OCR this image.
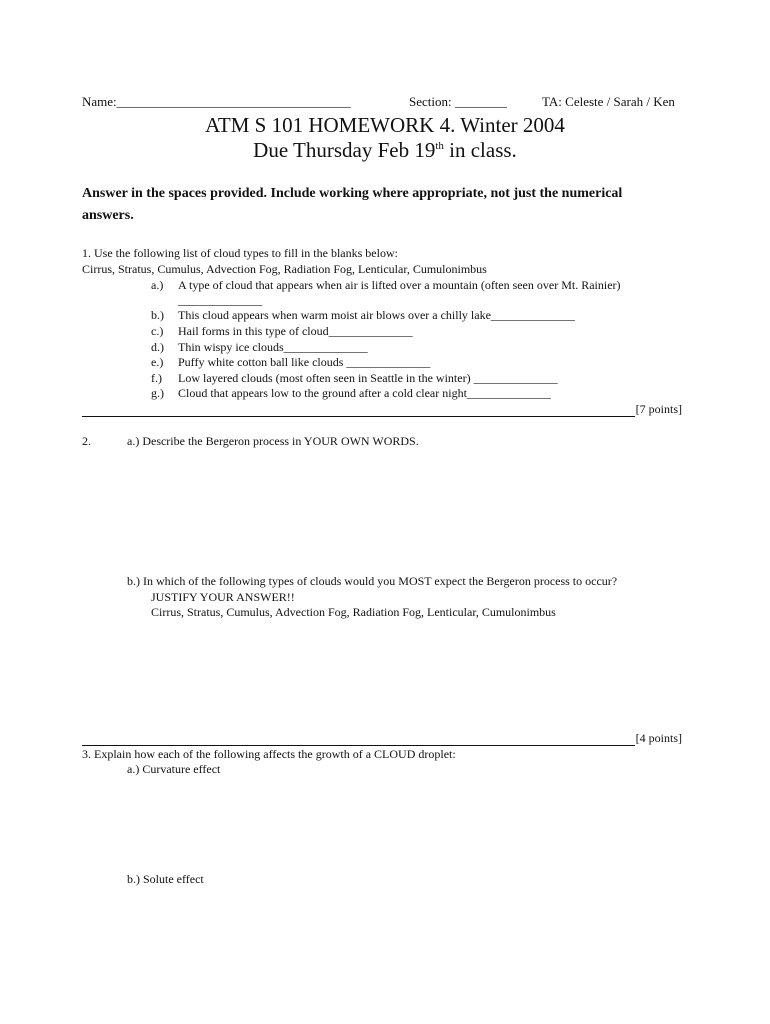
Name:____________________________________	Section: ________	TA: Celeste / Sarah / Ken
ATM S 101 HOMEWORK 4. Winter 2004
Due Thursday Feb 19th in class.
Answer in the spaces provided. Include working where appropriate, not just the numerical
answers.
1. Use the following list of cloud types to fill in the blanks below:
Cirrus, Stratus, Cumulus, Advection Fog, Radiation Fog, Lenticular, Cumulonimbus
a.) A type of cloud that appears when air is lifted over a mountain (often seen over Mt. Rainier)
______________
b.) This cloud appears when warm moist air blows over a chilly lake______________
c.) Hail forms in this type of cloud______________
d.) Thin wispy ice clouds______________
e.) Puffy white cotton ball like clouds ______________
f.) Low layered clouds (most often seen in Seattle in the winter) ______________
g.) Cloud that appears low to the ground after a cold clear night______________
[7 points]
2.	a.) Describe the Bergeron process in YOUR OWN WORDS.
b.) In which of the following types of clouds would you MOST expect the Bergeron process to occur?
JUSTIFY YOUR ANSWER!!
Cirrus, Stratus, Cumulus, Advection Fog, Radiation Fog, Lenticular, Cumulonimbus
[4 points]
3. Explain how each of the following affects the growth of a CLOUD droplet:
a.) Curvature effect
b.) Solute effect
